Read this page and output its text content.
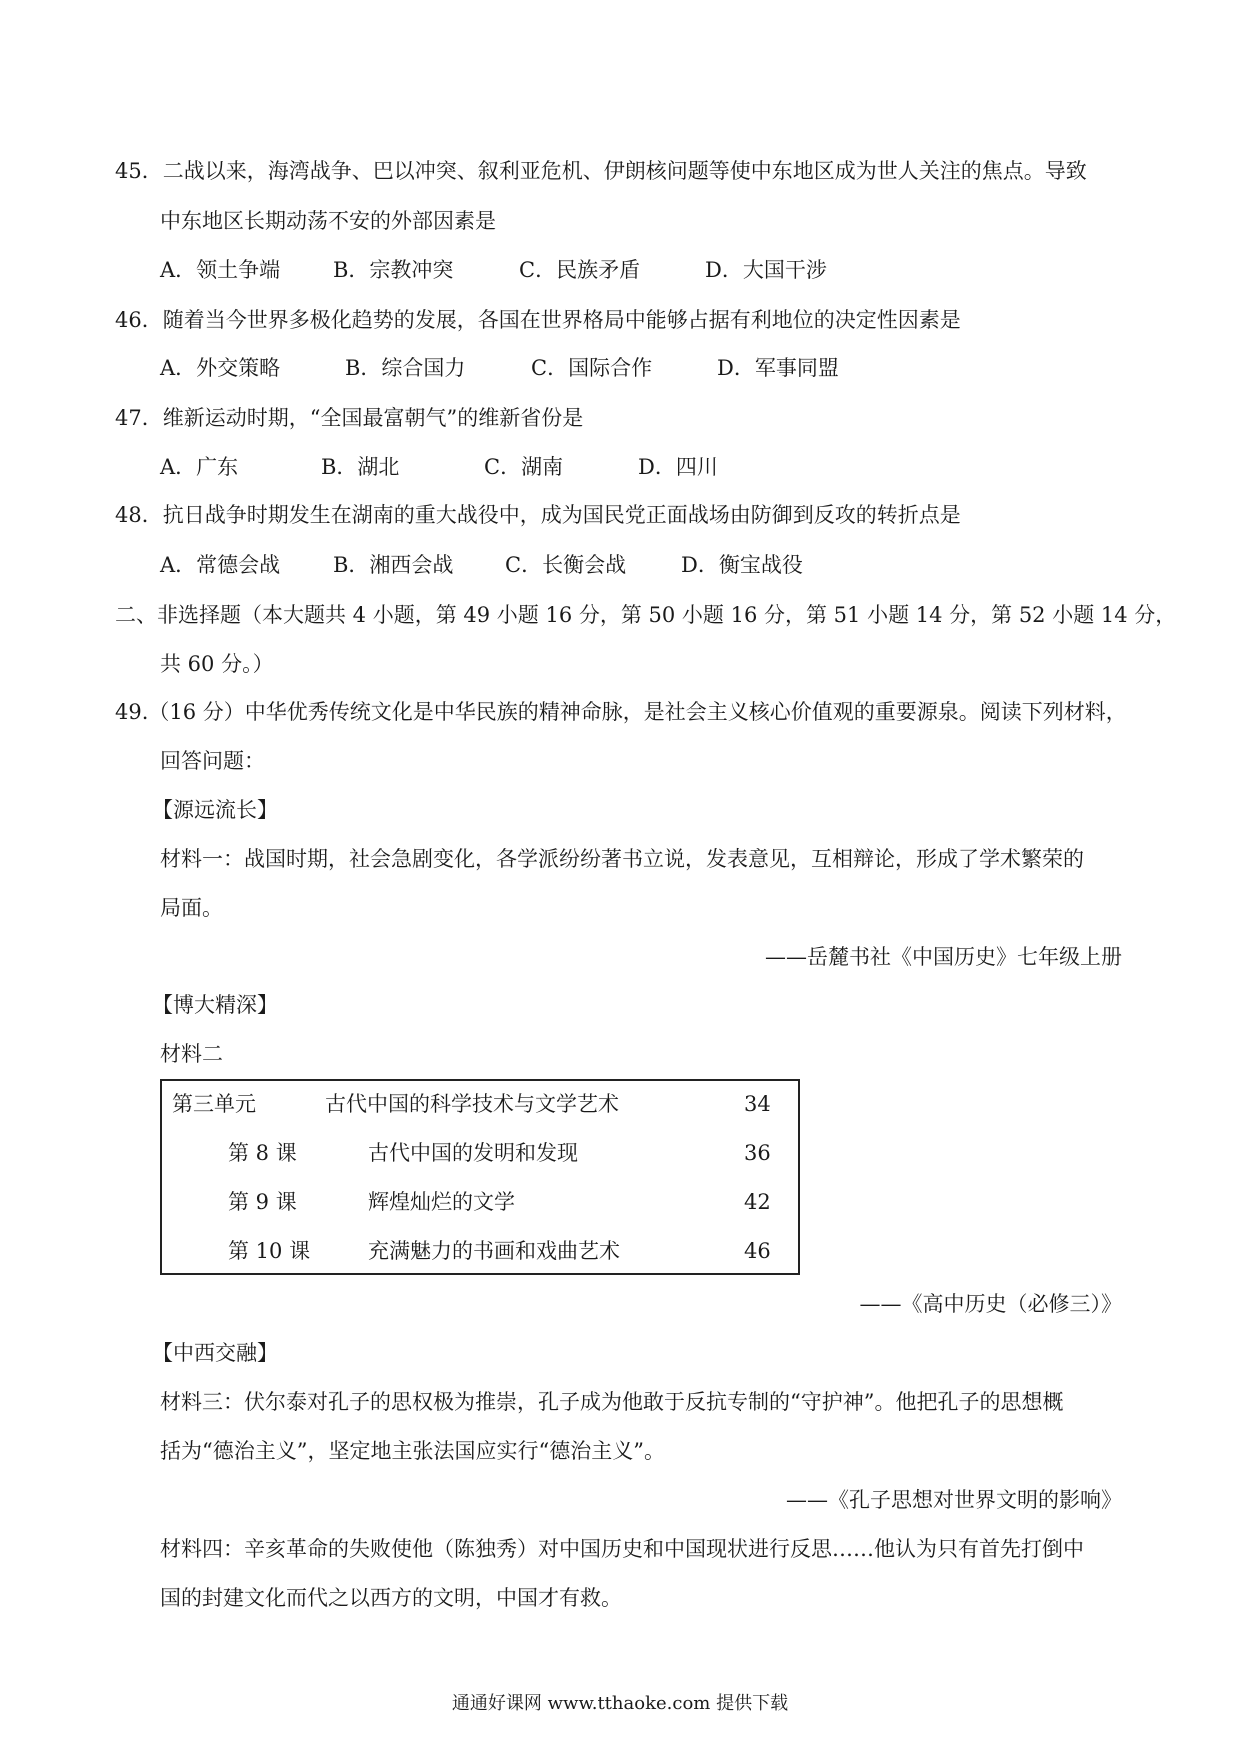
45．二战以来，海湾战争、巴以冲突、叙利亚危机、伊朗核问题等使中东地区成为世人关注的焦点。导致
中东地区长期动荡不安的外部因素是
A．领土争端	B．宗教冲突	C．民族矛盾	D．大国干涉
46．随着当今世界多极化趋势的发展，各国在世界格局中能够占据有利地位的决定性因素是
A．外交策略	B．综合国力	C．国际合作	D．军事同盟
47．维新运动时期，“全国最富朝气”的维新省份是
A．广东	B．湖北	C．湖南	D．四川
48．抗日战争时期发生在湖南的重大战役中，成为国民党正面战场由防御到反攻的转折点是
A．常德会战	B．湘西会战 C．长衡会战	D．衡宝战役
二、非选择题（本大题共 4 小题，第 49 小题 16 分，第 50 小题 16 分，第 51 小题 14 分，第 52 小题 14 分，
共 60 分。）
49.（16 分）中华优秀传统文化是中华民族的精神命脉，是社会主义核心价值观的重要源泉。阅读下列材料，
回答问题：
【源远流长】
材料一：战国时期，社会急剧变化，各学派纷纷著书立说，发表意见，互相辩论，形成了学术繁荣的
局面。
——岳麓书社《中国历史》七年级上册
【博大精深】
材料二
第三单元	古代中国的科学技术与文学艺术	34
第 8 课	古代中国的发明和发现	36
第 9 课	辉煌灿烂的文学	42
第 10 课	充满魅力的书画和戏曲艺术	46
——《高中历史（必修三）》
【中西交融】
材料三：伏尔泰对孔子的思权极为推崇，孔子成为他敢于反抗专制的“守护神”。他把孔子的思想概
括为“德治主义”，坚定地主张法国应实行“德治主义”。
——《孔子思想对世界文明的影响》
材料四：辛亥革命的失败使他（陈独秀）对中国历史和中国现状进行反思……他认为只有首先打倒中
国的封建文化而代之以西方的文明，中国才有救。
通通好课网 www.tthaoke.com 提供下载
